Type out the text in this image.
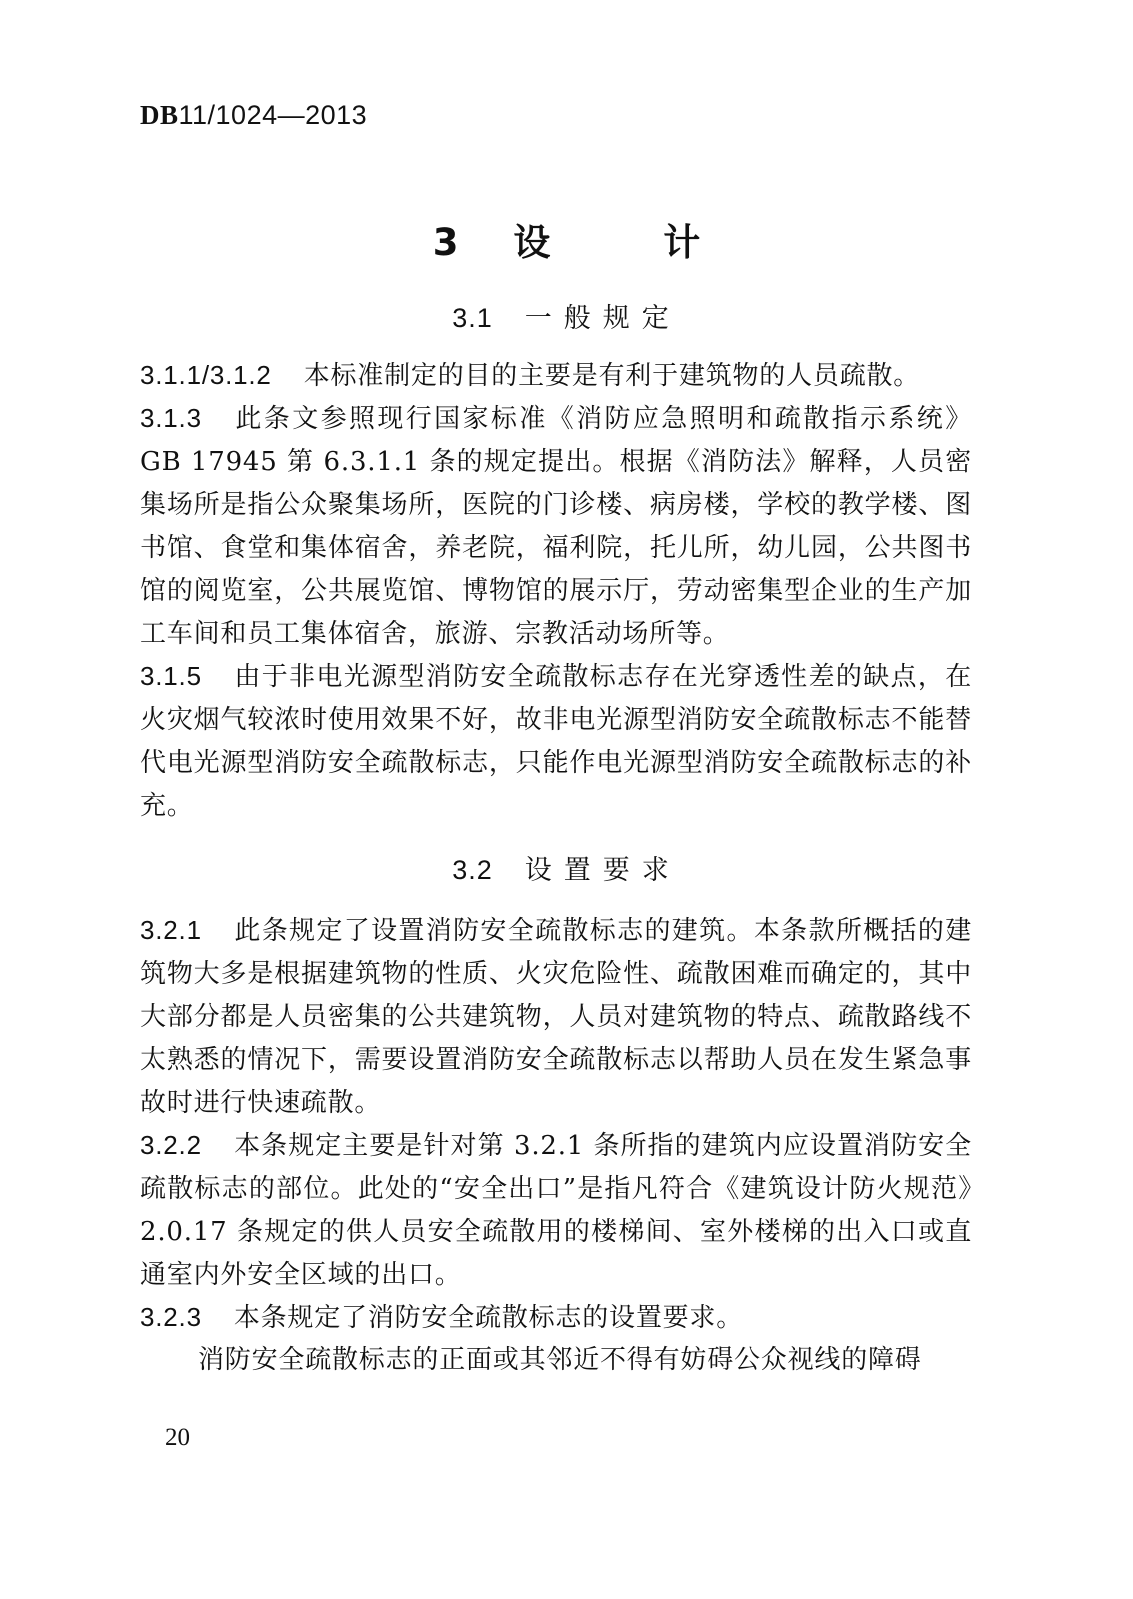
DB11/1024—2013
3 设	计
3.1 一般规定
3.1.1/3.1.2 本标准制定的目的主要是有利于建筑物的人员疏散。
3.1.3 此条文参照现行国家标准《消防应急照明和疏散指示系统》GB 17945 第 6.3.1.1 条的规定提出。根据《消防法》解释，人员密集场所是指公众聚集场所，医院的门诊楼、病房楼，学校的教学楼、图书馆、食堂和集体宿舍，养老院，福利院，托儿所，幼儿园，公共图书馆的阅览室，公共展览馆、博物馆的展示厅，劳动密集型企业的生产加工车间和员工集体宿舍，旅游、宗教活动场所等。
3.1.5 由于非电光源型消防安全疏散标志存在光穿透性差的缺点，在火灾烟气较浓时使用效果不好，故非电光源型消防安全疏散标志不能替代电光源型消防安全疏散标志，只能作电光源型消防安全疏散标志的补充。
3.2 设置要求
3.2.1 此条规定了设置消防安全疏散标志的建筑。本条款所概括的建筑物大多是根据建筑物的性质、火灾危险性、疏散困难而确定的，其中大部分都是人员密集的公共建筑物，人员对建筑物的特点、疏散路线不太熟悉的情况下，需要设置消防安全疏散标志以帮助人员在发生紧急事故时进行快速疏散。
3.2.2 本条规定主要是针对第 3.2.1 条所指的建筑内应设置消防安全疏散标志的部位。此处的“安全出口”是指凡符合《建筑设计防火规范》2.0.17 条规定的供人员安全疏散用的楼梯间、室外楼梯的出入口或直通室内外安全区域的出口。
3.2.3 本条规定了消防安全疏散标志的设置要求。
消防安全疏散标志的正面或其邻近不得有妨碍公众视线的障碍
20
